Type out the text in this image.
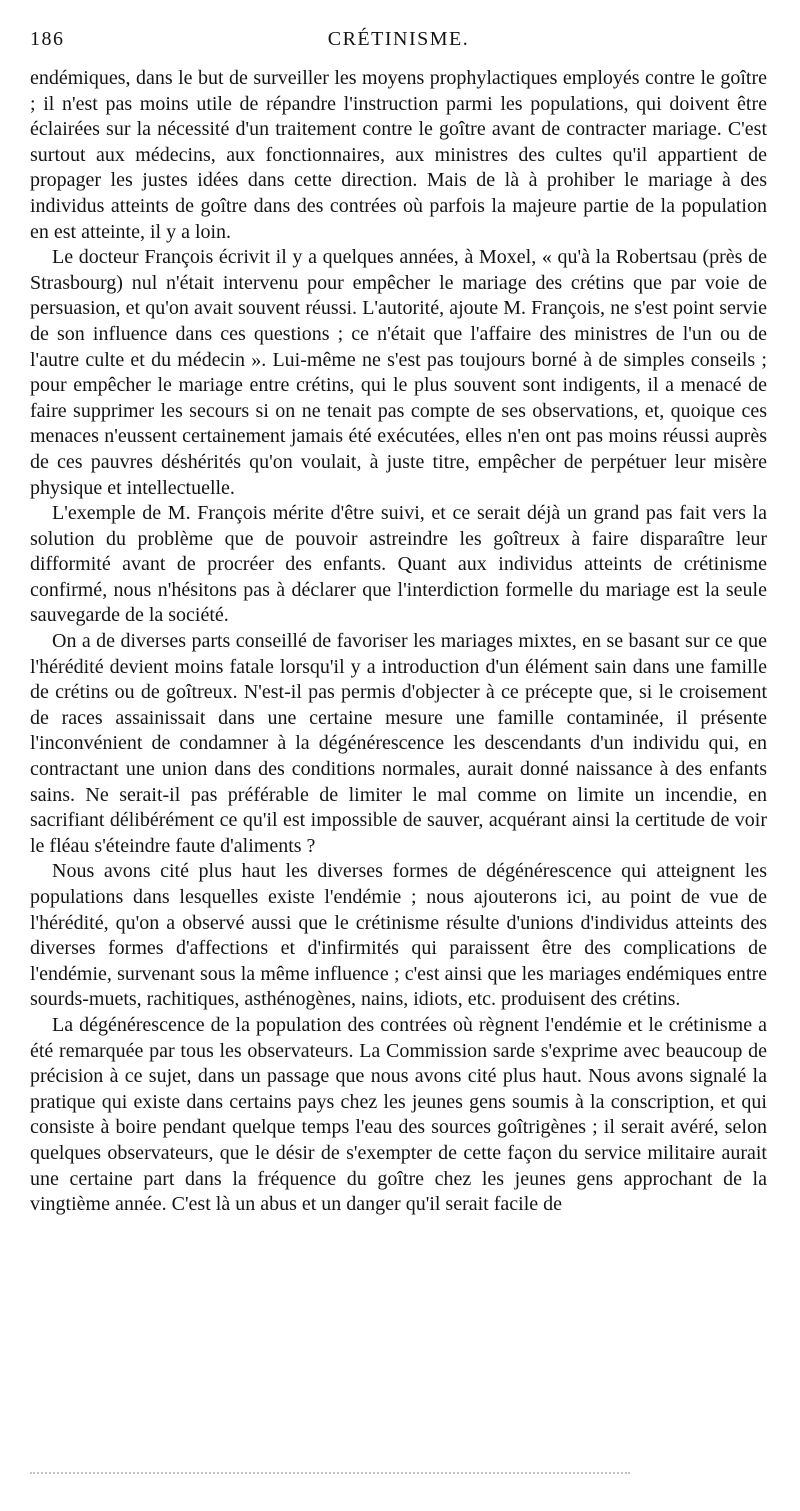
186	CRÉTINISME.

endémiques, dans le but de surveiller les moyens prophylactiques employés contre le goître ; il n'est pas moins utile de répandre l'instruction parmi les populations, qui doivent être éclairées sur la nécessité d'un traitement contre le goître avant de contracter mariage. C'est surtout aux médecins, aux fonctionnaires, aux ministres des cultes qu'il appartient de propager les justes idées dans cette direction. Mais de là à prohiber le mariage à des individus atteints de goître dans des contrées où parfois la majeure partie de la population en est atteinte, il y a loin.

Le docteur François écrivit il y a quelques années, à Moxel, « qu'à la Robertsau (près de Strasbourg) nul n'était intervenu pour empêcher le mariage des crétins que par voie de persuasion, et qu'on avait souvent réussi. L'autorité, ajoute M. François, ne s'est point servie de son influence dans ces questions ; ce n'était que l'affaire des ministres de l'un ou de l'autre culte et du médecin ». Lui-même ne s'est pas toujours borné à de simples conseils ; pour empêcher le mariage entre crétins, qui le plus souvent sont indigents, il a menacé de faire supprimer les secours si on ne tenait pas compte de ses observations, et, quoique ces menaces n'eussent certainement jamais été exécutées, elles n'en ont pas moins réussi auprès de ces pauvres déshérités qu'on voulait, à juste titre, empêcher de perpétuer leur misère physique et intellectuelle.

L'exemple de M. François mérite d'être suivi, et ce serait déjà un grand pas fait vers la solution du problème que de pouvoir astreindre les goîtreux à faire disparaître leur difformité avant de procréer des enfants. Quant aux individus atteints de crétinisme confirmé, nous n'hésitons pas à déclarer que l'interdiction formelle du mariage est la seule sauvegarde de la société.

On a de diverses parts conseillé de favoriser les mariages mixtes, en se basant sur ce que l'hérédité devient moins fatale lorsqu'il y a introduction d'un élément sain dans une famille de crétins ou de goîtreux. N'est-il pas permis d'objecter à ce précepte que, si le croisement de races assainissait dans une certaine mesure une famille contaminée, il présente l'inconvénient de condamner à la dégénérescence les descendants d'un individu qui, en contractant une union dans des conditions normales, aurait donné naissance à des enfants sains. Ne serait-il pas préférable de limiter le mal comme on limite un incendie, en sacrifiant délibérément ce qu'il est impossible de sauver, acquérant ainsi la certitude de voir le fléau s'éteindre faute d'aliments ?

Nous avons cité plus haut les diverses formes de dégénérescence qui atteignent les populations dans lesquelles existe l'endémie ; nous ajouterons ici, au point de vue de l'hérédité, qu'on a observé aussi que le crétinisme résulte d'unions d'individus atteints des diverses formes d'affections et d'infirmités qui paraissent être des complications de l'endémie, survenant sous la même influence ; c'est ainsi que les mariages endémiques entre sourds-muets, rachitiques, asthénogènes, nains, idiots, etc. produisent des crétins.

La dégénérescence de la population des contrées où règnent l'endémie et le crétinisme a été remarquée par tous les observateurs. La Commission sarde s'exprime avec beaucoup de précision à ce sujet, dans un passage que nous avons cité plus haut. Nous avons signalé la pratique qui existe dans certains pays chez les jeunes gens soumis à la conscription, et qui consiste à boire pendant quelque temps l'eau des sources goîtrigènes ; il serait avéré, selon quelques observateurs, que le désir de s'exempter de cette façon du service militaire aurait une certaine part dans la fréquence du goître chez les jeunes gens approchant de la vingtième année. C'est là un abus et un danger qu'il serait facile de
